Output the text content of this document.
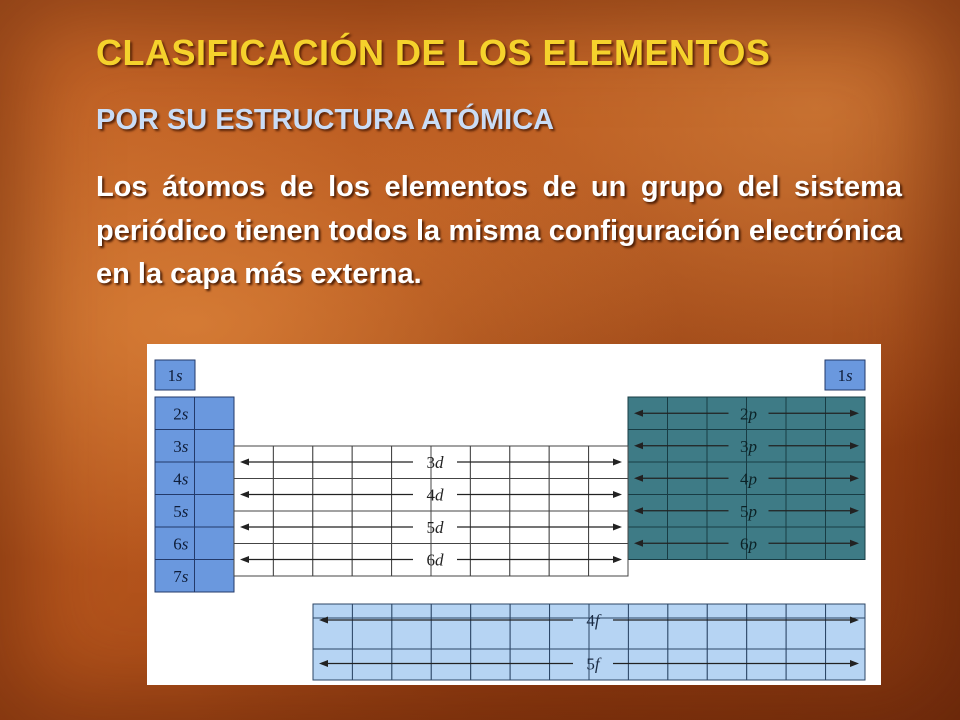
CLASIFICACIÓN DE LOS ELEMENTOS
POR SU ESTRUCTURA ATÓMICA

Los átomos de los elementos de un grupo del sistema periódico tienen todos la misma configuración electrónica en la capa más externa.

1s	1s
2s
3s
4s
5s
6s
7s
2p
3p
4p
5p
6p
3d
4d
5d
6d
4f
5f
